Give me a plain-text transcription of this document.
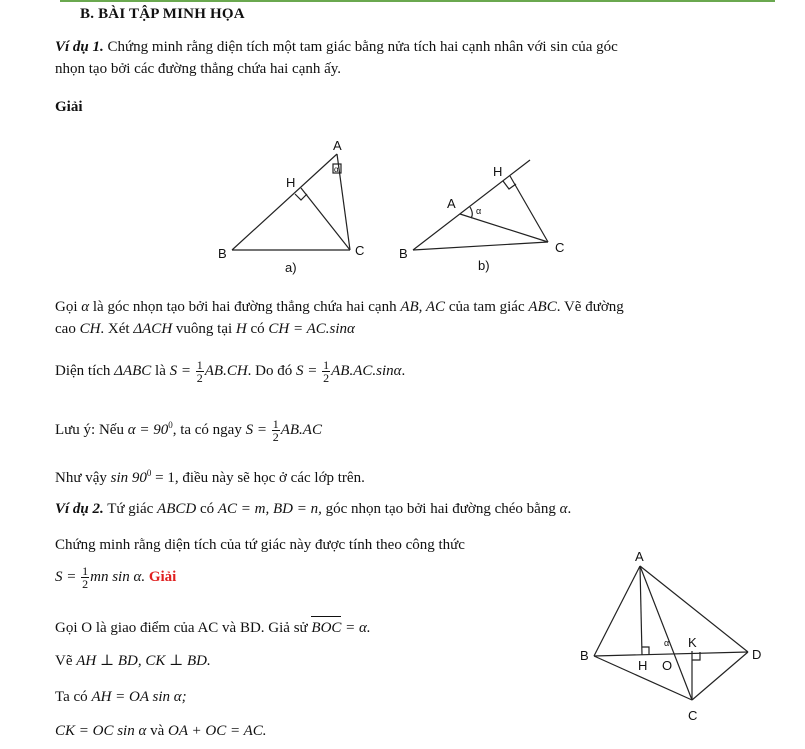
B. BÀI TẬP MINH HỌA
Ví dụ 1. Chứng minh rằng diện tích một tam giác bằng nửa tích hai cạnh nhân với sin của góc
nhọn tạo bởi các đường thẳng chứa hai cạnh ấy.
Giải
A
H
B	C
α
a)
H
A
B	C
α
b)
A
B	D
C
H O
K
α
Gọi α là góc nhọn tạo bởi hai đường thẳng chứa hai cạnh AB, AC của tam giác ABC. Vẽ đường
cao CH. Xét ΔACH vuông tại H có CH = AC.sinα
Diện tích ΔABC là $S = \frac{1}{2} AB.CH$. Do đó $S = \frac{1}{2} AB.AC.\sin\alpha$.
Lưu ý: Nếu $\alpha = 90^0$, ta có ngay $S = \frac{1}{2} AB.AC$
Như vậy $\sin 90^0 = 1$, điều này sẽ học ở các lớp trên.
Ví dụ 2. Tứ giác ABCD có AC = m, BD = n, góc nhọn tạo bởi hai đường chéo bằng α.
Chứng minh rằng diện tích của tứ giác này được tính theo công thức
$S = \frac{1}{2}$ mn sin α. Giải
Gọi O là giao điểm của AC và BD. Giả sử BOC = α.
Vẽ AH ⊥ BD, CK ⊥ BD.
Ta có AH = OA sin α;
CK = OC sin α và OA + OC = AC.
